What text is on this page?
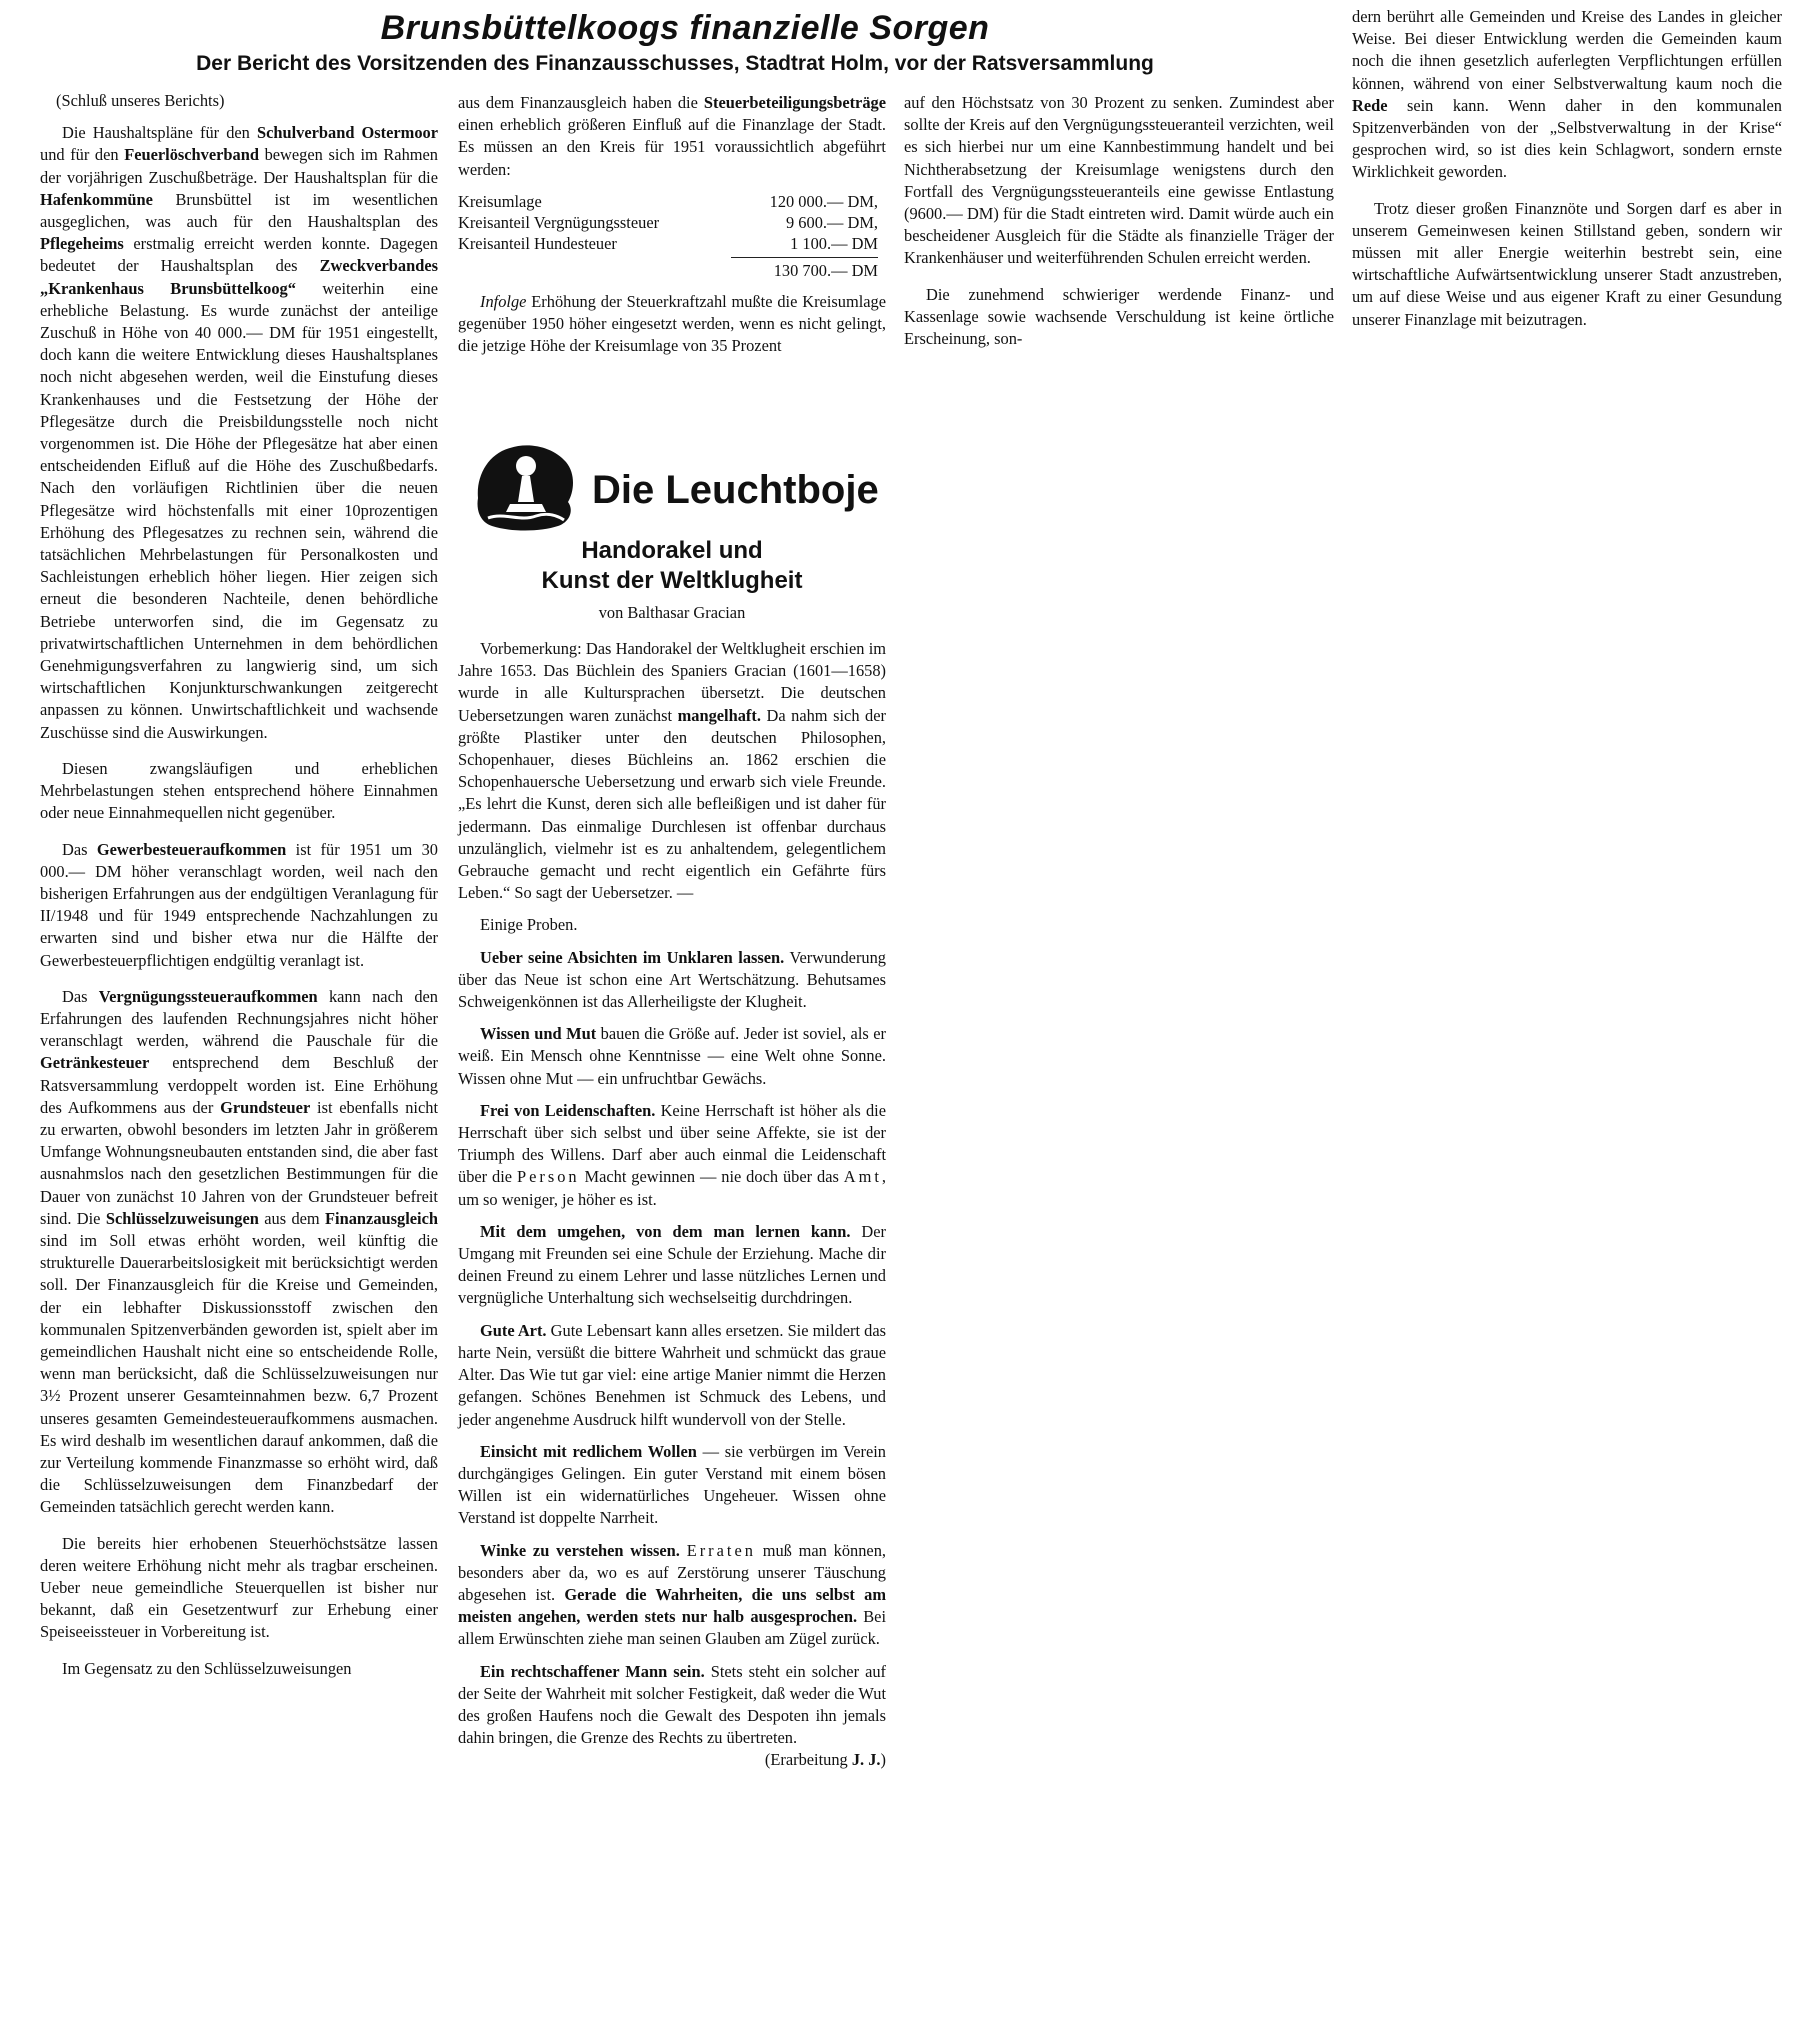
Brunsbüttelkoogs finanzielle Sorgen
Der Bericht des Vorsitzenden des Finanzausschusses, Stadtrat Holm, vor der Ratsversammlung
(Schluß unseres Berichts)

Die Haushaltspläne für den Schulverband Ostermoor und für den Feuerlöschverband bewegen sich im Rahmen der vorjährigen Zuschußbeträge. Der Haushaltsplan für die Hafenkommüne Brunsbüttel ist im wesentlichen ausgeglichen, was auch für den Haushaltsplan des Pflegeheims erstmalig erreicht werden konnte. Dagegen bedeutet der Haushaltsplan des Zweckverbandes „Krankenhaus Brunsbüttelkoog“ weiterhin eine erhebliche Belastung. Es wurde zunächst der anteilige Zuschuß in Höhe von 40 000.— DM für 1951 eingestellt, doch kann die weitere Entwicklung dieses Haushaltsplanes noch nicht abgesehen werden, weil die Einstufung dieses Krankenhauses und die Festsetzung der Höhe der Pflegesätze durch die Preisbildungsstelle noch nicht vorgenommen ist. Die Höhe der Pflegesätze hat aber einen entscheidenden Eifluß auf die Höhe des Zuschußbedarfs. Nach den vorläufigen Richtlinien über die neuen Pflegesätze wird höchstenfalls mit einer 10prozentigen Erhöhung des Pflegesatzes zu rechnen sein, während die tatsächlichen Mehrbelastungen für Personalkosten und Sachleistungen erheblich höher liegen. Hier zeigen sich erneut die besonderen Nachteile, denen behördliche Betriebe unterworfen sind, die im Gegensatz zu privatwirtschaftlichen Unternehmen in dem behördlichen Genehmigungsverfahren zu langwierig sind, um sich wirtschaftlichen Konjunkturschwankungen zeitgerecht anpassen zu können. Unwirtschaftlichkeit und wachsende Zuschüsse sind die Auswirkungen.

Diesen zwangsläufigen und erheblichen Mehrbelastungen stehen entsprechend höhere Einnahmen oder neue Einnahmequellen nicht gegenüber.

Das Gewerbesteueraufkommen ist für 1951 um 30 000.— DM höher veranschlagt worden, weil nach den bisherigen Erfahrungen aus der endgültigen Veranlagung für II/1948 und für 1949 entsprechende Nachzahlungen zu erwarten sind und bisher etwa nur die Hälfte der Gewerbesteuerpflichtigen endgültig veranlagt ist.

Das Vergnügungssteueraufkommen kann nach den Erfahrungen des laufenden Rechnungsjahres nicht höher veranschlagt werden, während die Pauschale für die Getränkesteuer entsprechend dem Beschluß der Ratsversammlung verdoppelt worden ist. Eine Erhöhung des Aufkommens aus der Grundsteuer ist ebenfalls nicht zu erwarten, obwohl besonders im letzten Jahr in größerem Umfange Wohnungsneubauten entstanden sind, die aber fast ausnahmslos nach den gesetzlichen Bestimmungen für die Dauer von zunächst 10 Jahren von der Grundsteuer befreit sind. Die Schlüsselzuweisungen aus dem Finanzausgleich sind im Soll etwas erhöht worden, weil künftig die strukturelle Dauerarbeitslosigkeit mit berücksichtigt werden soll. Der Finanzausgleich für die Kreise und Gemeinden, der ein lebhafter Diskussionsstoff zwischen den kommunalen Spitzenverbänden geworden ist, spielt aber im gemeindlichen Haushalt nicht eine so entscheidende Rolle, wenn man berücksicht, daß die Schlüsselzuweisungen nur 3½ Prozent unserer Gesamteinnahmen bezw. 6,7 Prozent unseres gesamten Gemeindesteueraufkommens ausmachen. Es wird deshalb im wesentlichen darauf ankommen, daß die zur Verteilung kommende Finanzmasse so erhöht wird, daß die Schlüsselzuweisungen dem Finanzbedarf der Gemeinden tatsächlich gerecht werden kann.

Die bereits hier erhobenen Steuerhöchstsätze lassen deren weitere Erhöhung nicht mehr als tragbar erscheinen. Ueber neue gemeindliche Steuerquellen ist bisher nur bekannt, daß ein Gesetzentwurf zur Erhebung einer Speiseeissteuer in Vorbereitung ist.

Im Gegensatz zu den Schlüsselzuweisungen

aus dem Finanzausgleich haben die Steuerbeteiligungsbeträge einen erheblich größeren Einfluß auf die Finanzlage der Stadt. Es müssen an den Kreis für 1951 voraussichtlich abgeführt werden:

Kreisumlage	120 000.— DM,
Kreisanteil Vergnügungssteuer	9 600.— DM,
Kreisanteil Hundesteuer	1 100.— DM

130 700.— DM

Infolge Erhöhung der Steuerkraftzahl mußte die Kreisumlage gegenüber 1950 höher eingesetzt werden, wenn es nicht gelingt, die jetzige Höhe der Kreisumlage von 35 Prozent

auf den Höchstsatz von 30 Prozent zu senken. Zumindest aber sollte der Kreis auf den Vergnügungssteueranteil verzichten, weil es sich hierbei nur um eine Kannbestimmung handelt und bei Nichtherabsetzung der Kreisumlage wenigstens durch den Fortfall des Vergnügungssteueranteils eine gewisse Entlastung (9600.— DM) für die Stadt eintreten wird. Damit würde auch ein bescheidener Ausgleich für die Städte als finanzielle Träger der Krankenhäuser und weiterführenden Schulen erreicht werden.

Die zunehmend schwieriger werdende Finanz- und Kassenlage sowie wachsende Verschuldung ist keine örtliche Erscheinung, son-

dern berührt alle Gemeinden und Kreise des Landes in gleicher Weise. Bei dieser Entwicklung werden die Gemeinden kaum noch die ihnen gesetzlich auferlegten Verpflichtungen erfüllen können, während von einer Selbstverwaltung kaum noch die Rede sein kann. Wenn daher in den kommunalen Spitzenverbänden von der „Selbstverwaltung in der Krise“ gesprochen wird, so ist dies kein Schlagwort, sondern ernste Wirklichkeit geworden.

Trotz dieser großen Finanznöte und Sorgen darf es aber in unserem Gemeinwesen keinen Stillstand geben, sondern wir müssen mit aller Energie weiterhin bestrebt sein, eine wirtschaftliche Aufwärtsentwicklung unserer Stadt anzustreben, um auf diese Weise und aus eigener Kraft zu einer Gesundung unserer Finanzlage mit beizutragen.

Die Leuchtboje
Handorakel und
Kunst der Weltklugheit
von Balthasar Gracian

Vorbemerkung: Das Handorakel der Weltklugheit erschien im Jahre 1653. Das Büchlein des Spaniers Gracian (1601—1658) wurde in alle Kultursprachen übersetzt. Die deutschen Uebersetzungen waren zunächst mangelhaft. Da nahm sich der größte Plastiker unter den deutschen Philosophen, Schopenhauer, dieses Büchleins an. 1862 erschien die Schopenhauersche Uebersetzung und erwarb sich viele Freunde. „Es lehrt die Kunst, deren sich alle befleißigen und ist daher für jedermann. Das einmalige Durchlesen ist offenbar durchaus unzulänglich, vielmehr ist es zu anhaltendem, gelegentlichem Gebrauche gemacht und recht eigentlich ein Gefährte fürs Leben.“ So sagt der Uebersetzer. —

Einige Proben.

Ueber seine Absichten im Unklaren lassen. Verwunderung über das Neue ist schon eine Art Wertschätzung. Behutsames Schweigenkönnen ist das Allerheiligste der Klugheit.

Wissen und Mut bauen die Größe auf. Jeder ist soviel, als er weiß. Ein Mensch ohne Kenntnisse — eine Welt ohne Sonne. Wissen ohne Mut — ein unfruchtbar Gewächs.

Frei von Leidenschaften. Keine Herrschaft ist höher als die Herrschaft über sich selbst und über seine Affekte, sie ist der Triumph des Willens. Darf aber auch einmal die Leidenschaft über die Person Macht gewinnen — nie doch über das Amt, um so weniger, je höher es ist.

Mit dem umgehen, von dem man lernen kann. Der Umgang mit Freunden sei eine Schule der Erziehung. Mache dir deinen Freund zu einem Lehrer und lasse nützliches Lernen und vergnügliche Unterhaltung sich wechselseitig durchdringen.

Gute Art. Gute Lebensart kann alles ersetzen. Sie mildert das harte Nein, versüßt die bittere Wahrheit und schmückt das graue Alter. Das Wie tut gar viel: eine artige Manier nimmt die Herzen gefangen. Schönes Benehmen ist Schmuck des Lebens, und jeder angenehme Ausdruck hilft wundervoll von der Stelle.

Einsicht mit redlichem Wollen — sie verbürgen im Verein durchgängiges Gelingen. Ein guter Verstand mit einem bösen Willen ist ein widernatürliches Ungeheuer. Wissen ohne Verstand ist doppelte Narrheit.

Winke zu verstehen wissen. Erraten muß man können, besonders aber da, wo es auf Zerstörung unserer Täuschung abgesehen ist. Gerade die Wahrheiten, die uns selbst am meisten angehen, werden stets nur halb ausgesprochen. Bei allem Erwünschten ziehe man seinen Glauben am Zügel zurück.

Ein rechtschaffener Mann sein. Stets steht ein solcher auf der Seite der Wahrheit mit solcher Festigkeit, daß weder die Wut des großen Haufens noch die Gewalt des Despoten ihn jemals dahin bringen, die Grenze des Rechts zu übertreten.
(Erarbeitung J. J.)
